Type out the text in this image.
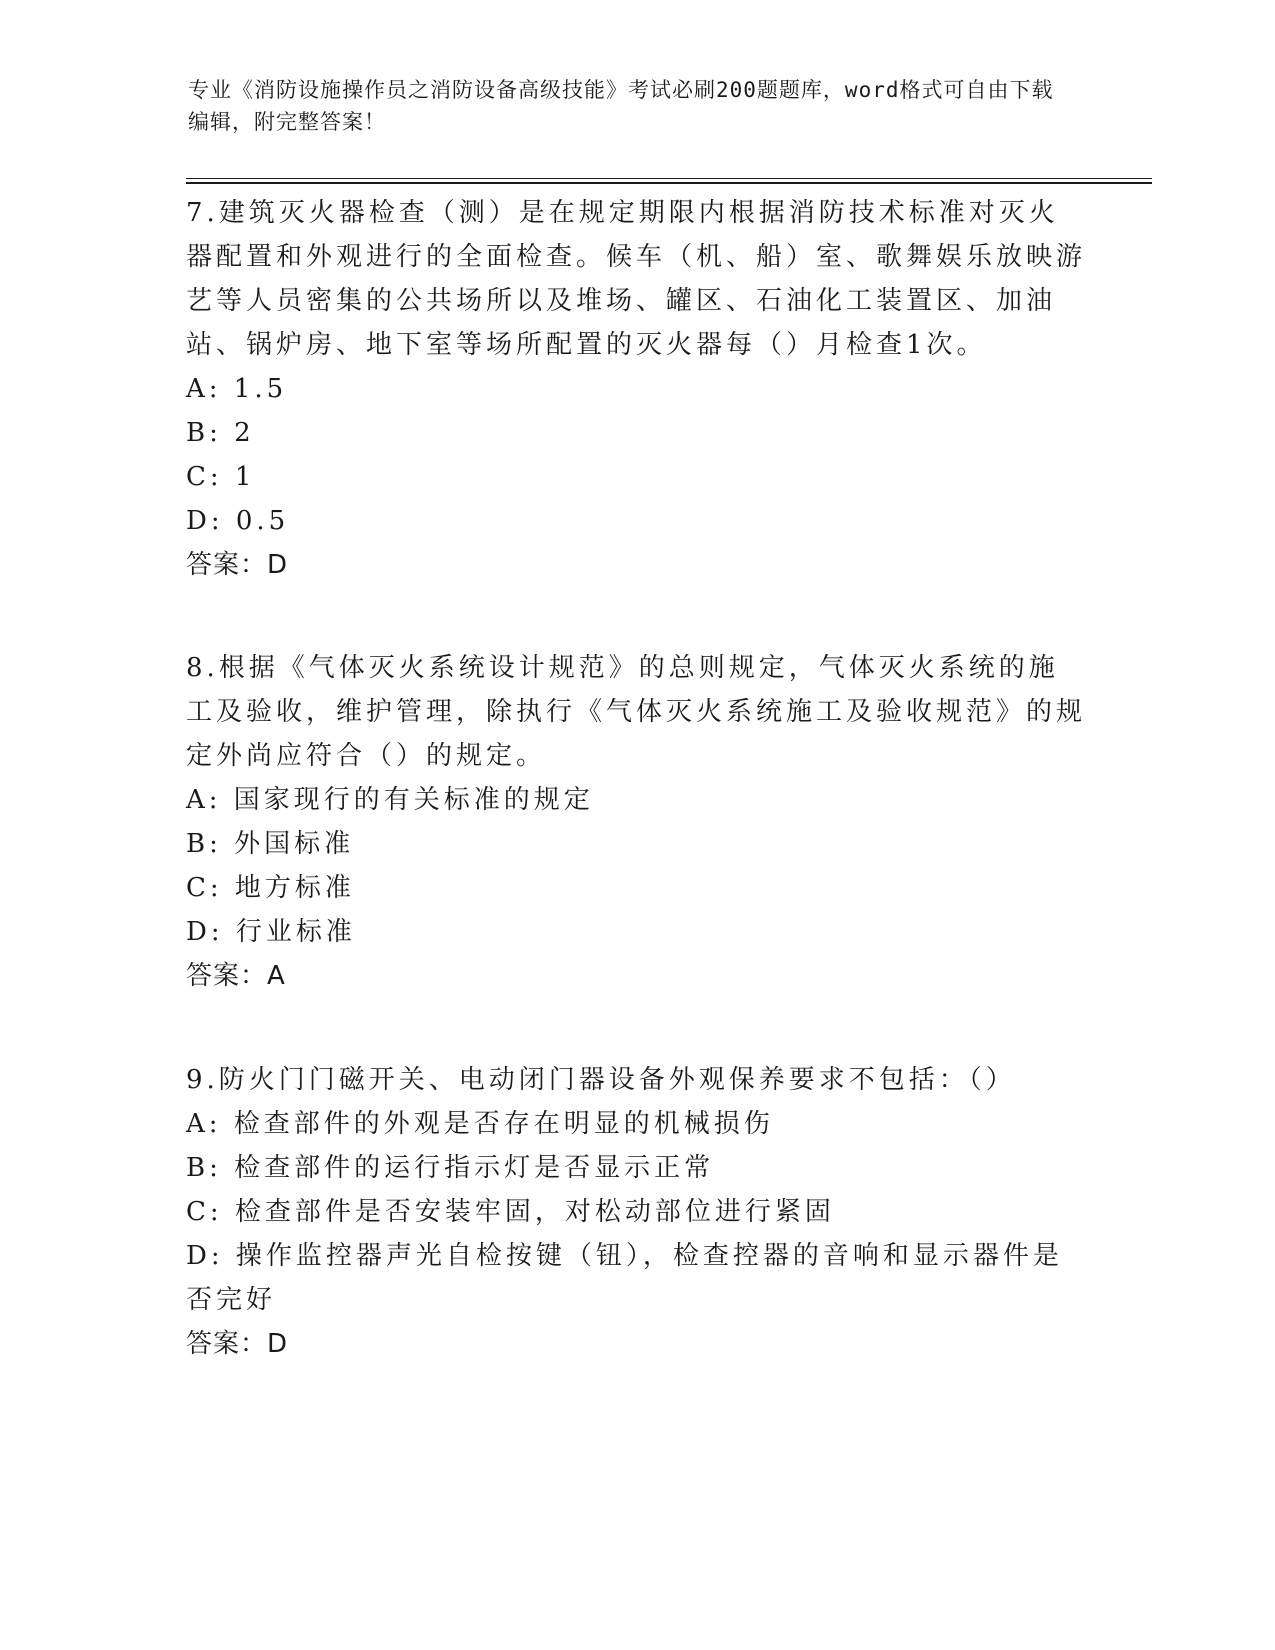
专业《消防设施操作员之消防设备高级技能》考试必刷200题题库，word格式可自由下载编辑，附完整答案！

7.建筑灭火器检查（测）是在规定期限内根据消防技术标准对灭火器配置和外观进行的全面检查。候车（机、船）室、歌舞娱乐放映游艺等人员密集的公共场所以及堆场、罐区、石油化工装置区、加油站、锅炉房、地下室等场所配置的灭火器每（）月检查1次。

A: 1.5

B: 2

C: 1

D: 0.5

答案：D

8.根据《气体灭火系统设计规范》的总则规定，气体灭火系统的施工及验收，维护管理，除执行《气体灭火系统施工及验收规范》的规定外尚应符合（）的规定。

A: 国家现行的有关标准的规定

B: 外国标准

C: 地方标准

D: 行业标准

答案：A

9.防火门门磁开关、电动闭门器设备外观保养要求不包括：（）

A: 检查部件的外观是否存在明显的机械损伤

B: 检查部件的运行指示灯是否显示正常

C: 检查部件是否安装牢固，对松动部位进行紧固

D: 操作监控器声光自检按键（钮），检查控器的音响和显示器件是否完好

答案：D
